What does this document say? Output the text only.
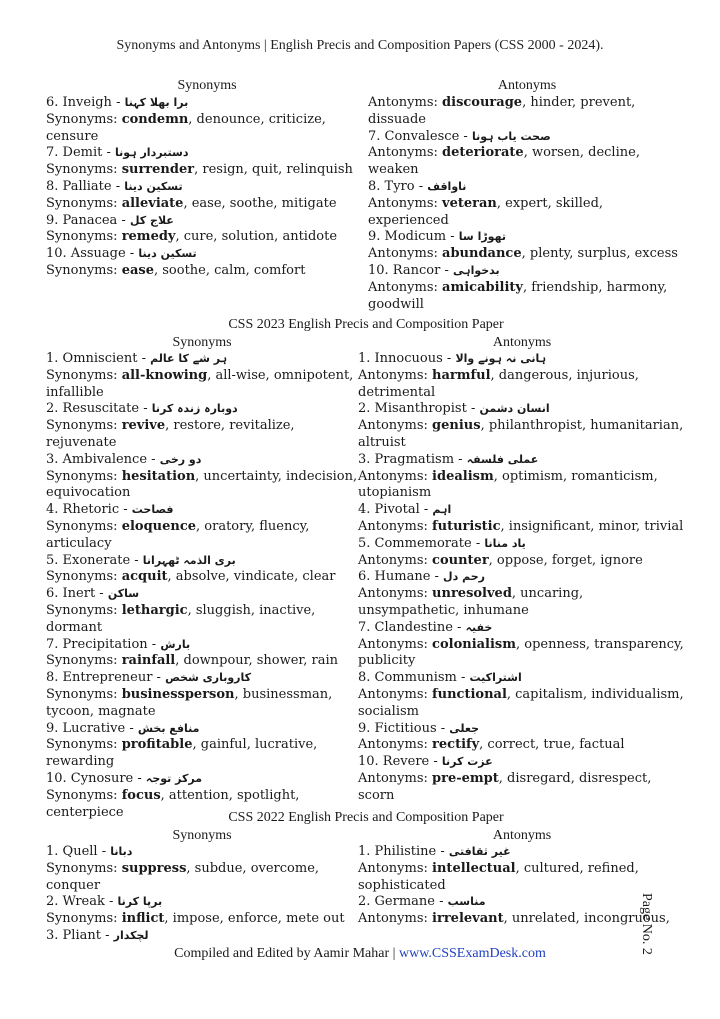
Synonyms and Antonyms | English Precis and Composition Papers (CSS 2000 - 2024).
Synonyms
6. Inveigh - برا بھلا کہنا
Synonyms: condemn, denounce, criticize, censure
7. Demit - دستبردار ہونا
Synonyms: surrender, resign, quit, relinquish
8. Palliate - تسکین دینا
Synonyms: alleviate, ease, soothe, mitigate
9. Panacea - علاج کل
Synonyms: remedy, cure, solution, antidote
10. Assuage - تسکین دینا
Synonyms: ease, soothe, calm, comfort
Antonyms
Antonyms: discourage, hinder, prevent, dissuade
7. Convalesce - صحت یاب ہونا
Antonyms: deteriorate, worsen, decline, weaken
8. Tyro - ناواقف
Antonyms: veteran, expert, skilled, experienced
9. Modicum - تھوڑا سا
Antonyms: abundance, plenty, surplus, excess
10. Rancor - بدخواہی
Antonyms: amicability, friendship, harmony, goodwill
CSS 2023 English Precis and Composition Paper
Synonyms
1. Omniscient - ہر شے کا عالم
Synonyms: all-knowing, all-wise, omnipotent, infallible
2. Resuscitate - دوبارہ زندہ کرنا
Synonyms: revive, restore, revitalize, rejuvenate
3. Ambivalence - دو رخی
Synonyms: hesitation, uncertainty, indecision, equivocation
4. Rhetoric - فصاحت
Synonyms: eloquence, oratory, fluency, articulacy
5. Exonerate - بری الذمہ ٹھہرانا
Synonyms: acquit, absolve, vindicate, clear
6. Inert - ساکن
Synonyms: lethargic, sluggish, inactive, dormant
7. Precipitation - بارش
Synonyms: rainfall, downpour, shower, rain
8. Entrepreneur - کاروباری شخص
Synonyms: businessperson, businessman, tycoon, magnate
9. Lucrative - منافع بخش
Synonyms: profitable, gainful, lucrative, rewarding
10. Cynosure - مرکز توجہ
Synonyms: focus, attention, spotlight, centerpiece
Antonyms
1. Innocuous - ہانی نہ ہونے والا
Antonyms: harmful, dangerous, injurious, detrimental
2. Misanthropist - انسان دشمن
Antonyms: genius, philanthropist, humanitarian, altruist
3. Pragmatism - عملی فلسفہ
Antonyms: idealism, optimism, romanticism, utopianism
4. Pivotal - اہم
Antonyms: futuristic, insignificant, minor, trivial
5. Commemorate - یاد منانا
Antonyms: counter, oppose, forget, ignore
6. Humane - رحم دل
Antonyms: unresolved, uncaring, unsympathetic, inhumane
7. Clandestine - خفیہ
Antonyms: colonialism, openness, transparency, publicity
8. Communism - اشتراکیت
Antonyms: functional, capitalism, individualism, socialism
9. Fictitious - جعلی
Antonyms: rectify, correct, true, factual
10. Revere - عزت کرنا
Antonyms: pre-empt, disregard, disrespect, scorn
CSS 2022 English Precis and Composition Paper
Synonyms
1. Quell - دبانا
Synonyms: suppress, subdue, overcome, conquer
2. Wreak - برپا کرنا
Synonyms: inflict, impose, enforce, mete out
3. Pliant - لچکدار
Antonyms
1. Philistine - غیر ثقافتی
Antonyms: intellectual, cultured, refined, sophisticated
2. Germane - مناسب
Antonyms: irrelevant, unrelated, incongruous,
Compiled and Edited by Aamir Mahar | www.CSSExamDesk.com	Page No. 2
